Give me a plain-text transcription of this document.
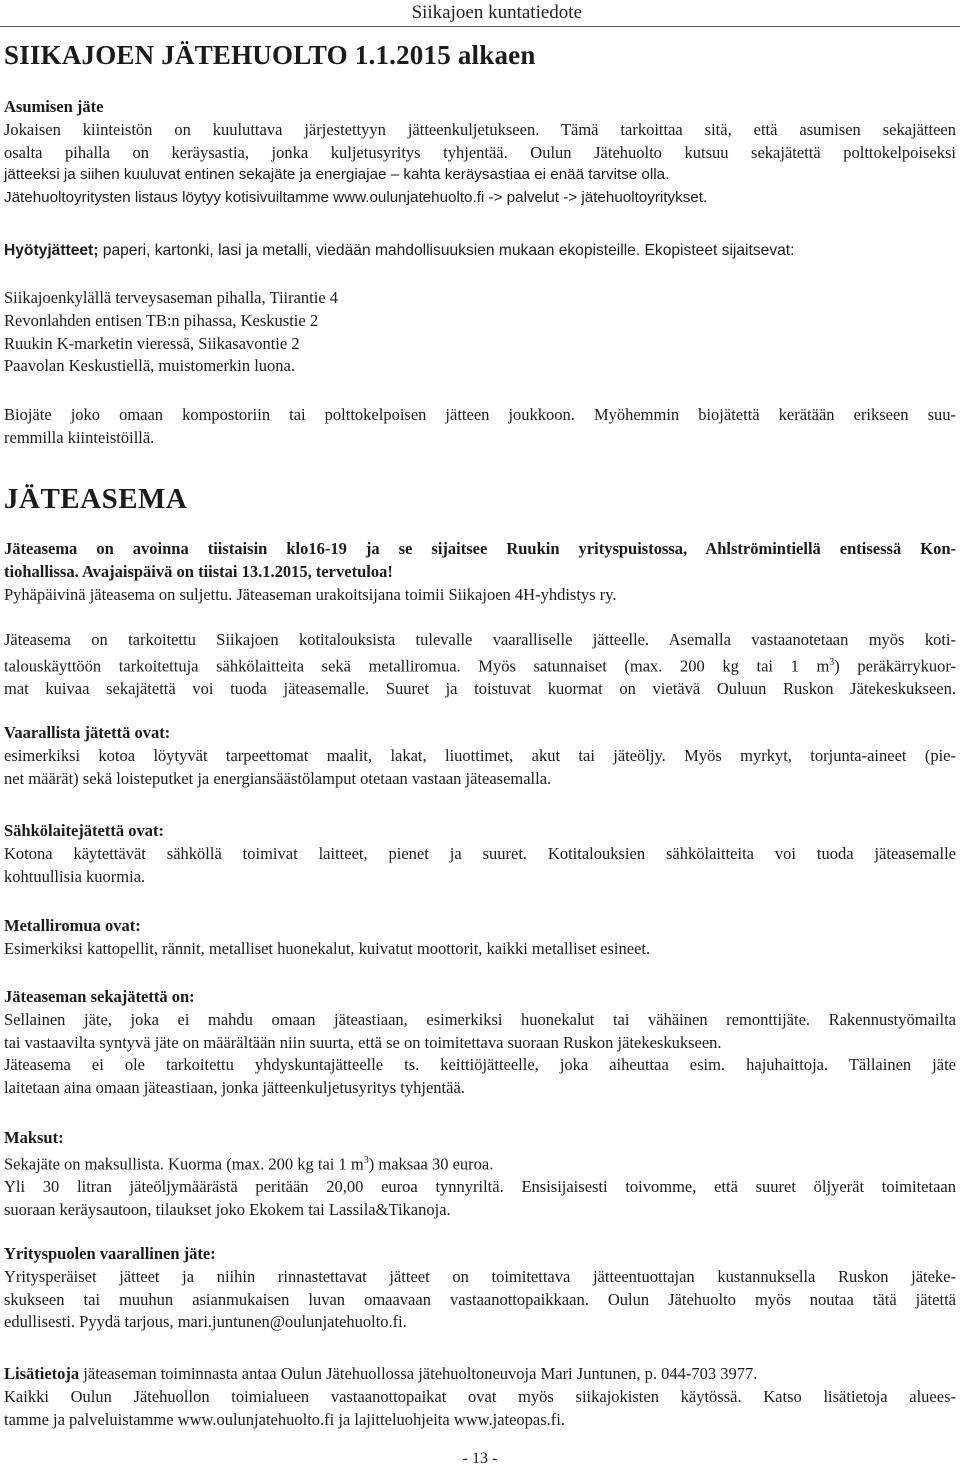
Siikajoen kuntatiedote
SIIKAJOEN JÄTEHUOLTO 1.1.2015 alkaen
Asumisen jäte
Jokaisen kiinteistön on kuuluttava järjestettyyn jätteenkuljetukseen. Tämä tarkoittaa sitä, että asumisen sekajätteen
osalta pihalla on keräysastia, jonka kuljetusyritys tyhjentää. Oulun Jätehuolto kutsuu sekajätettä polttokelpoiseksi
jätteeksi ja siihen kuuluvat entinen sekajäte ja energiajae – kahta keräysastiaa ei enää tarvitse olla.
Jätehuoltoyritysten listaus löytyy kotisivuiltamme www.oulunjatehuolto.fi -> palvelut -> jätehuoltoyritykset.
Hyötyjätteet; paperi, kartonki, lasi ja metalli, viedään mahdollisuuksien mukaan ekopisteille. Ekopisteet sijaitsevat:
Siikajoenkylällä terveysaseman pihalla, Tiirantie 4
Revonlahden entisen TB:n pihassa, Keskustie 2
Ruukin K-marketin vieressä, Siikasavontie 2
Paavolan Keskustiellä, muistomerkin luona.
Biojäte joko omaan kompostoriin tai polttokelpoisen jätteen joukkoon. Myöhemmin biojätettä kerätään erikseen suu-
remmilla kiinteistöillä.
JÄTEASEMA
Jäteasema on avoinna tiistaisin klo16-19 ja se sijaitsee Ruukin yrityspuistossa, Ahlströmintiellä entisessä Kon-
tiohallissa. Avajaispäivä on tiistai 13.1.2015, tervetuloa!
Pyhäpäivinä jäteasema on suljettu. Jäteaseman urakoitsijana toimii Siikajoen 4H-yhdistys ry.
Jäteasema on tarkoitettu Siikajoen kotitalouksista tulevalle vaaralliselle jätteelle. Asemalla vastaanotetaan myös koti-
talouskäyttöön tarkoitettuja sähkölaitteita sekä metalliromua. Myös satunnaiset (max. 200 kg tai 1 $m^3$) peräkärrykuor-
mat kuivaa sekajätettä voi tuoda jäteasemalle. Suuret ja toistuvat kuormat on vietävä Ouluun Ruskon Jätekeskukseen.
Vaarallista jätettä ovat:
esimerkiksi kotoa löytyvät tarpeettomat maalit, lakat, liuottimet, akut tai jäteöljy. Myös myrkyt, torjunta-aineet (pie-
net määrät) sekä loisteputket ja energiansäästölamput otetaan vastaan jäteasemalla.
Sähkölaitejätettä ovat:
Kotona käytettävät sähköllä toimivat laitteet, pienet ja suuret. Kotitalouksien sähkölaitteita voi tuoda jäteasemalle
kohtuullisia kuormia.
Metalliromua ovat:
Esimerkiksi kattopellit, rännit, metalliset huonekalut, kuivatut moottorit, kaikki metalliset esineet.
Jäteaseman sekajätettä on:
Sellainen jäte, joka ei mahdu omaan jäteastiaan, esimerkiksi huonekalut tai vähäinen remonttijäte. Rakennustyömailta
tai vastaavilta syntyvä jäte on määrältään niin suurta, että se on toimitettava suoraan Ruskon jätekeskukseen.
Jäteasema ei ole tarkoitettu yhdyskuntajätteelle ts. keittiöjätteelle, joka aiheuttaa esim. hajuhaittoja. Tällainen jäte
laitetaan aina omaan jäteastiaan, jonka jätteenkuljetusyritys tyhjentää.
Maksut:
Sekajäte on maksullista. Kuorma (max. 200 kg tai 1 $m^3$) maksaa 30 euroa.
Yli 30 litran jäteöljymäärästä peritään 20,00 euroa tynnyriltä. Ensisijaisesti toivomme, että suuret öljyerät toimitetaan
suoraan keräysautoon, tilaukset joko Ekokem tai Lassila&Tikanoja.
Yrityspuolen vaarallinen jäte:
Yritysperäiset jätteet ja niihin rinnastettavat jätteet on toimitettava jätteentuottajan kustannuksella Ruskon jäteke-
skukseen tai muuhun asianmukaisen luvan omaavaan vastaanottopaikkaan. Oulun Jätehuolto myös noutaa tätä jätettä
edullisesti. Pyydä tarjous, mari.juntunen@oulunjatehuolto.fi.
Lisätietoja jäteaseman toiminnasta antaa Oulun Jätehuollossa jätehuoltoneuvoja Mari Juntunen, p. 044-703 3977.
Kaikki Oulun Jätehuollon toimialueen vastaanottopaikat ovat myös siikajokisten käytössä. Katso lisätietoja aluees-
tamme ja palveluistamme www.oulunjatehuolto.fi ja lajitteluohjeita www.jateopas.fi.
- 13 -
